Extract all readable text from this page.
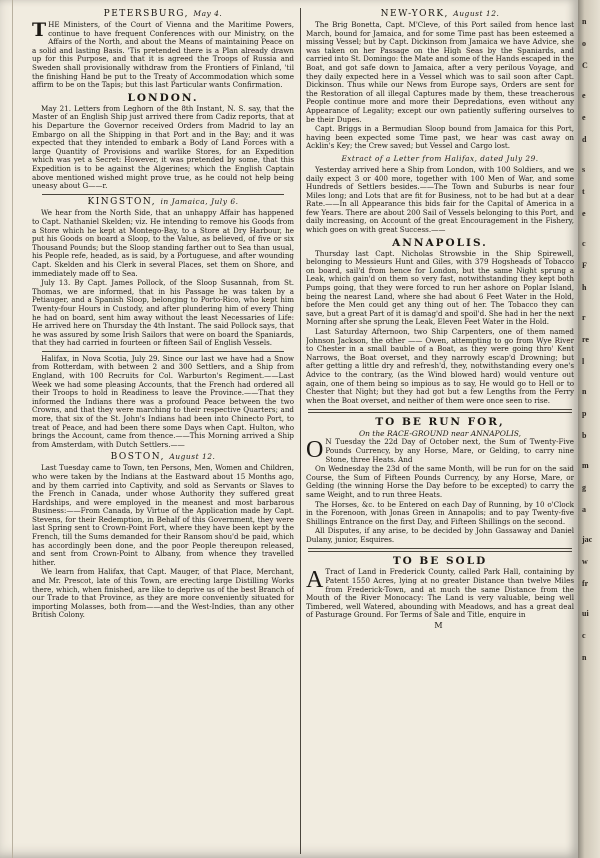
PETERSBURG, May 4.

THE Ministers, of the Court of Vienna and the Maritime Powers, continue to have frequent Conferences with our Ministry, on the Affairs of the North, and about the Means of maintaining Peace on a solid and lasting Basis. 'Tis pretended there is a Plan already drawn up for this Purpose, and that it is agreed the Troops of Russia and Sweden shall provisionally withdraw from the Frontiers of Finland, 'til the finishing Hand be put to the Treaty of Accommodation which some affirm to be on the Tapis; but this last Particular wants Confirmation.

LONDON.

May 21. Letters from Leghorn of the 8th Instant, N. S. say, that the Master of an English Ship just arrived there from Cadiz reports, that at his Departure the Governor received Orders from Madrid to lay an Embargo on all the Shipping in that Port and in the Bay; and it was expected that they intended to embark a Body of Land Forces with a large Quantity of Provisions and warlike Stores, for an Expedition which was yet a Secret: However, it was pretended by some, that this Expedition is to be against the Algerines; which the English Captain above mentioned wished might prove true, as he could not help being uneasy about G——r.

KINGSTON, in Jamaica, July 6.

We hear from the North Side, that an unhappy Affair has happened to Capt. Nathaniel Skelden; viz. He intending to remove his Goods from a Store which he kept at Montego-Bay, to a Store at Dry Harbour, he put his Goods on board a Sloop, to the Value, as believed, of five or six Thousand Pounds; but the Sloop standing farther out to Sea than usual, his People refe, headed, as is said, by a Portuguese, and after wounding Capt. Skelden and his Clerk in several Places, set them on Shore, and immediately made off to Sea.

July 13. By Capt. James Pollock, of the Sloop Susannah, from St. Thomas, we are informed, that in his Passage he was taken by a Petiauger, and a Spanish Sloop, belonging to Porto-Rico, who kept him Twenty-four Hours in Custody, and after plundering him of every Thing he had on board, sent him away without the least Necessaries of Life: He arrived here on Thursday the 4th Instant. The said Pollock says, that he was assured by some Irish Sailors that were on board the Spaniards, that they had carried in fourteen or fifteen Sail of English Vessels.

Halifax, in Nova Scotia, July 29. Since our last we have had a Snow from Rotterdam, with between 2 and 300 Settlers, and a Ship from England, with 100 Recruits for Col. Warburton's Regiment.——Last Week we had some pleasing Accounts, that the French had ordered all their Troops to hold in Readiness to leave the Province.——That they informed the Indians there was a profound Peace between the two Crowns, and that they were marching to their respective Quarters; and more, that six of the St. John's Indians had been into Chinecto Port, to treat of Peace, and had been there some Days when Capt. Hulton, who brings the Account, came from thence.——This Morning arrived a Ship from Amsterdam, with Dutch Settlers.——

BOSTON, August 12.

Last Tuesday came to Town, ten Persons, Men, Women and Children, who were taken by the Indians at the Eastward about 15 Months ago, and by them carried into Captivity, and sold as Servants or Slaves to the French in Canada, under whose Authority they suffered great Hardships, and were employed in the meanest and most barbarous Business:——From Canada, by Virtue of the Application made by Capt. Stevens, for their Redemption, in Behalf of this Government, they were last Spring sent to Crown-Point Fort, where they have been kept by the French, till the Sums demanded for their Ransom shou'd be paid, which has accordingly been done, and the poor People thereupon released, and sent from Crown-Point to Albany, from whence they travelled hither.

We learn from Halifax, that Capt. Mauger, of that Place, Merchant, and Mr. Prescot, late of this Town, are erecting large Distilling Works there, which, when finished, are like to deprive us of the best Branch of our Trade to that Province, as they are more conveniently situated for importing Molasses, both from——and the West-Indies, than any other British Colony.

NEW-YORK, August 12.

The Brig Bonetta, Capt. M'Cleve, of this Port sailed from hence last March, bound for Jamaica, and for some Time past has been esteemed a missing Vessel; but by Capt. Dickinson from Jamaica we have Advice, she was taken on her Passage on the High Seas by the Spaniards, and carried into St. Domingo: the Mate and some of the Hands escaped in the Boat, and got safe down to Jamaica, after a very perilous Voyage, and they daily expected here in a Vessel which was to sail soon after Capt. Dickinson. Thus while our News from Europe says, Orders are sent for the Restoration of all illegal Captures made by them, these treacherous People continue more and more their Depredations, even without any Appearance of Legality; except our own patiently suffering ourselves to be their Dupes.

Capt. Briggs in a Bermudian Sloop bound from Jamaica for this Port, having been expected some Time past, we hear was cast away on Acklin's Key; the Crew saved; but Vessel and Cargo lost.

Extract of a Letter from Halifax, dated July 29.

Yesterday arrived here a Ship from London, with 100 Soldiers, and we daily expect 3 or 400 more, together with 100 Men of War, and some Hundreds of Settlers besides.——The Town and Suburbs is near four Miles long; and Lots that are fit for Business, not to be had but at a dear Rate.——In all Appearance this bids fair for the Capital of America in a few Years. There are about 200 Sail of Vessels belonging to this Port, and daily increasing, on Account of the great Encouragement in the Fishery, which goes on with great Success.——

ANNAPOLIS.

Thursday last Capt. Nicholas Strowsbie in the Ship Spirewell, belonging to Messieurs Hunt and Giles, with 379 Hogsheads of Tobacco on board, sail'd from hence for London, but the same Night sprung a Leak, which gain'd on them so very fast, notwithstanding they kept both Pumps going, that they were forced to run her ashore on Poplar Island, being the nearest Land, where she had about 6 Feet Water in the Hold, before the Men could get any thing out of her. The Tobacco they can save, but a great Part of it is damag'd and spoil'd. She had in her the next Morning after she sprung the Leak, Eleven Feet Water in the Hold.

Last Saturday Afternoon, two Ship Carpenters, one of them named Johnson Jackson, the other —— Owen, attempting to go from Wye River to Chester in a small bauble of a Boat, as they were going thro' Kent Narrows, the Boat overset, and they narrowly escap'd Drowning; but after getting a little dry and refresh'd, they, notwithstanding every one's Advice to the contrary, (as the Wind blowed hard) would venture out again, one of them being so impious as to say, He would go to Hell or to Chester that Night; but they had got but a few Lengths from the Ferry when the Boat overset, and neither of them were once seen to rise.

TO BE RUN FOR,
On the RACE-GROUND near ANNAPOLIS,

O N Tuesday the 22d Day of October next, the Sum of Twenty-Five Pounds Currency, by any Horse, Mare, or Gelding, to carry nine Stone, three Heats. And

On Wednesday the 23d of the same Month, will be run for on the said Course, the Sum of Fifteen Pounds Currency, by any Horse, Mare, or Gelding (the winning Horse the Day before to be excepted) to carry the same Weight, and to run three Heats.

The Horses, &c. to be Entered on each Day of Running, by 10 o'Clock in the Forenoon, with Jonas Green in Annapolis; and to pay Twenty-five Shillings Entrance on the first Day, and Fifteen Shillings on the second.

All Disputes, if any arise, to be decided by John Gassaway and Daniel Dulany, junior, Esquires.

TO BE SOLD

A Tract of Land in Frederick County, called Park Hall, containing by Patent 1550 Acres, lying at no greater Distance than twelve Miles from Frederick-Town, and at much the same Distance from the Mouth of the River Monocacy: The Land is very valuable, being well Timbered, well Watered, abounding with Meadows, and has a great deal of Pasturage Ground. For Terms of Sale and Title, enquire in

M
n
o
C
e
e
d
s
t
e
c
F
h
r
re
l
n
p
b
m
g
a
jac
w
fr
ui
c
n
